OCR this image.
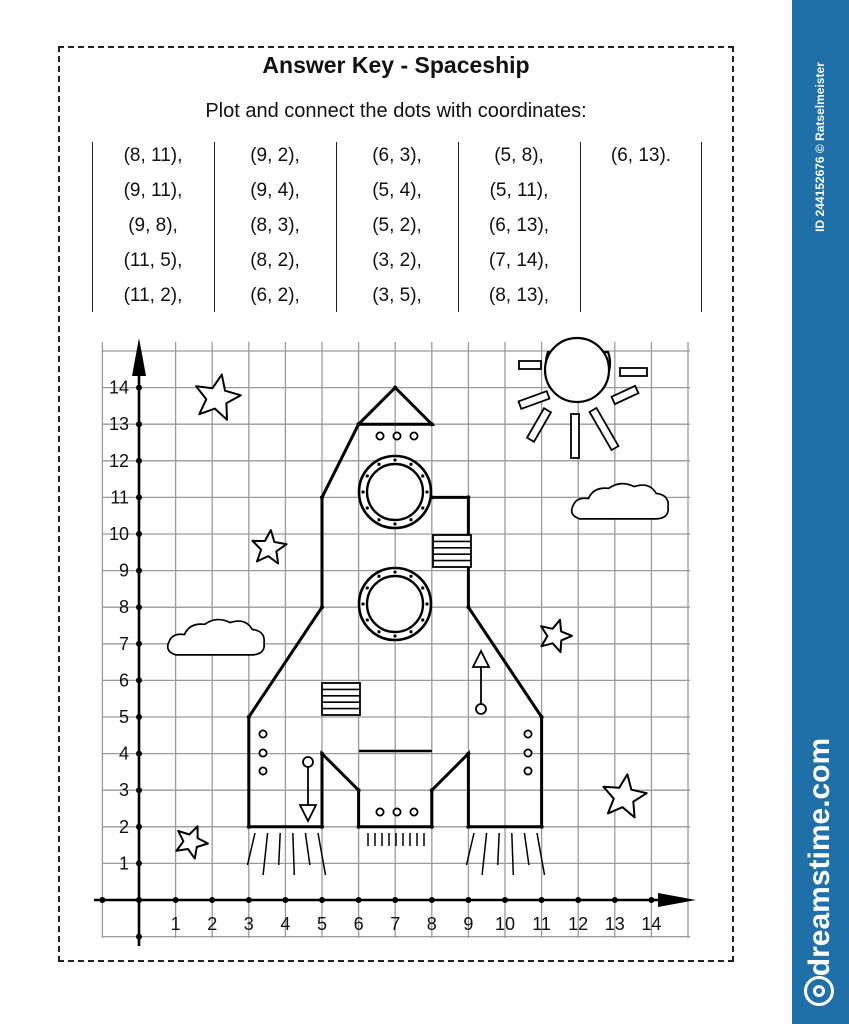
Answer Key - Spaceship
Plot and connect the dots with coordinates:
(8, 11),
(9, 11),
(9, 8),
(11, 5),
(11, 2),
(9, 2),
(9, 4),
(8, 3),
(8, 2),
(6, 2),
(6, 3),
(5, 4),
(5, 2),
(3, 2),
(3, 5),
(5, 8),
(5, 11),
(6, 13),
(7, 14),
(8, 13),
(6, 13).
1 2 3 4 5 6 7 8 9 10 11 12 13 14
1
2
3
4
5
6
7
8
9
10
11
12
13
14
ID 244152676 © Ratselmeister
dreamstime.com
